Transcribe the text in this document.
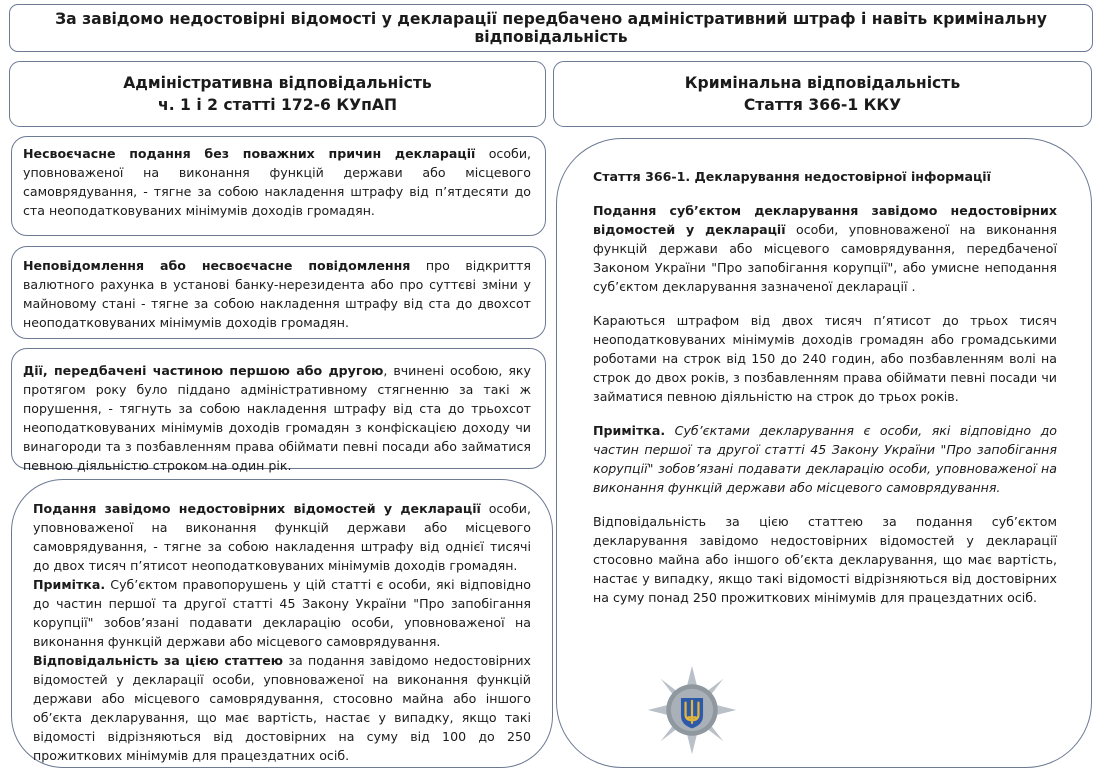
За завідомо недостовірні відомості у декларації передбачено адміністративний штраф і навіть кримінальну відповідальність
Адміністративна відповідальність
ч. 1 і 2 статті 172-6 КУпАП
Кримінальна відповідальність
Стаття 366-1 ККУ

Несвоєчасне подання без поважних причин декларації особи, уповноваженої на виконання функцій держави або місцевого самоврядування, - тягне за собою накладення штрафу від п’ятдесяти до ста неоподатковуваних мінімумів доходів громадян.

Неповідомлення або несвоєчасне повідомлення про відкриття валютного рахунка в установі банку-нерезидента або про суттєві зміни у майновому стані - тягне за собою накладення штрафу від ста до двохсот неоподатковуваних мінімумів доходів громадян.

Дії, передбачені частиною першою або другою, вчинені особою, яку протягом року було піддано адміністративному стягненню за такі ж порушення, - тягнуть за собою накладення штрафу від ста до трьохсот неоподатковуваних мінімумів доходів громадян з конфіскацією доходу чи винагороди та з позбавленням права обіймати певні посади або займатися певною діяльністю строком на один рік.

Подання завідомо недостовірних відомостей у декларації особи, уповноваженої на виконання функцій держави або місцевого самоврядування, - тягне за собою накладення штрафу від однієї тисячі до двох тисяч п’ятисот неоподатковуваних мінімумів доходів громадян.

Примітка. Суб’єктом правопорушень у цій статті є особи, які відповідно до частин першої та другої статті 45 Закону України "Про запобігання корупції" зобов’язані подавати декларацію особи, уповноваженої на виконання функцій держави або місцевого самоврядування.

Відповідальність за цією статтею за подання завідомо недостовірних відомостей у декларації особи, уповноваженої на виконання функцій держави або місцевого самоврядування, стосовно майна або іншого об’єкта декларування, що має вартість, настає у випадку, якщо такі відомості відрізняються від достовірних на суму від 100 до 250 прожиткових мінімумів для працездатних осіб.

Стаття 366-1. Декларування недостовірної інформації

Подання суб’єктом декларування завідомо недостовірних відомостей у декларації особи, уповноваженої на виконання функцій держави або місцевого самоврядування, передбаченої Законом України "Про запобігання корупції", або умисне неподання суб’єктом декларування зазначеної декларації .

Караються штрафом від двох тисяч п’ятисот до трьох тисяч неоподатковуваних мінімумів доходів громадян або громадськими роботами на строк від 150 до 240 годин, або позбавленням волі на строк до двох років, з позбавленням права обіймати певні посади чи займатися певною діяльністю на строк до трьох років.

Примітка. Суб’єктами декларування є особи, які відповідно до частин першої та другої статті 45 Закону України "Про запобігання корупції" зобов’язані подавати декларацію особи, уповноваженої на виконання функцій держави або місцевого самоврядування.

Відповідальність за цією статтею за подання суб’єктом декларування завідомо недостовірних відомостей у декларації стосовно майна або іншого об’єкта декларування, що має вартість, настає у випадку, якщо такі відомості відрізняються від достовірних на суму понад 250 прожиткових мінімумів для працездатних осіб.
